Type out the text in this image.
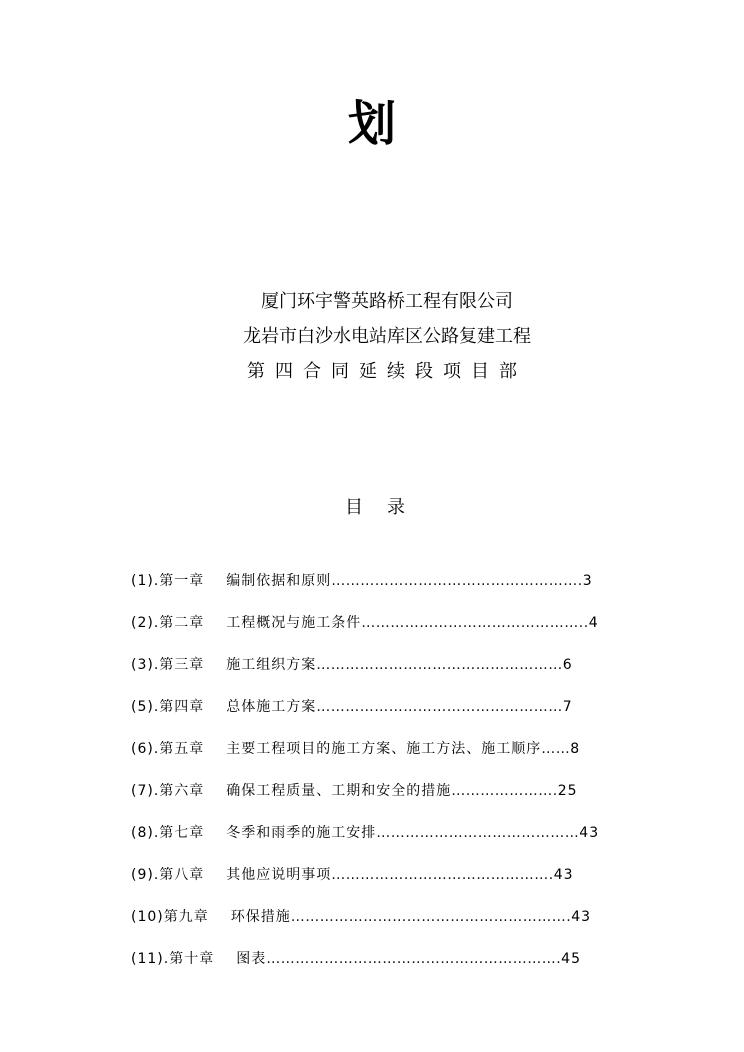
划
厦门环宇警英路桥工程有限公司
龙岩市白沙水电站库区公路复建工程
第四合同延续段项目部
目录
(1).第一章 编制依据和原则…………………………………………….3
(2).第二章 工程概况与施工条件………………………………………..4
(3).第三章 施工组织方案……………………………………………6
(5).第四章 总体施工方案……………………………………………7
(6).第五章 主要工程项目的施工方案、施工方法、施工顺序……8
(7).第六章 确保工程质量、工期和安全的措施………………….25
(8).第七章 冬季和雨季的施工安排……………………………………43
(9).第八章 其他应说明事项……………………………………….43
(10)第九章 环保措施………………………………………………….43
(11).第十章 图表…………………………………………………….45
